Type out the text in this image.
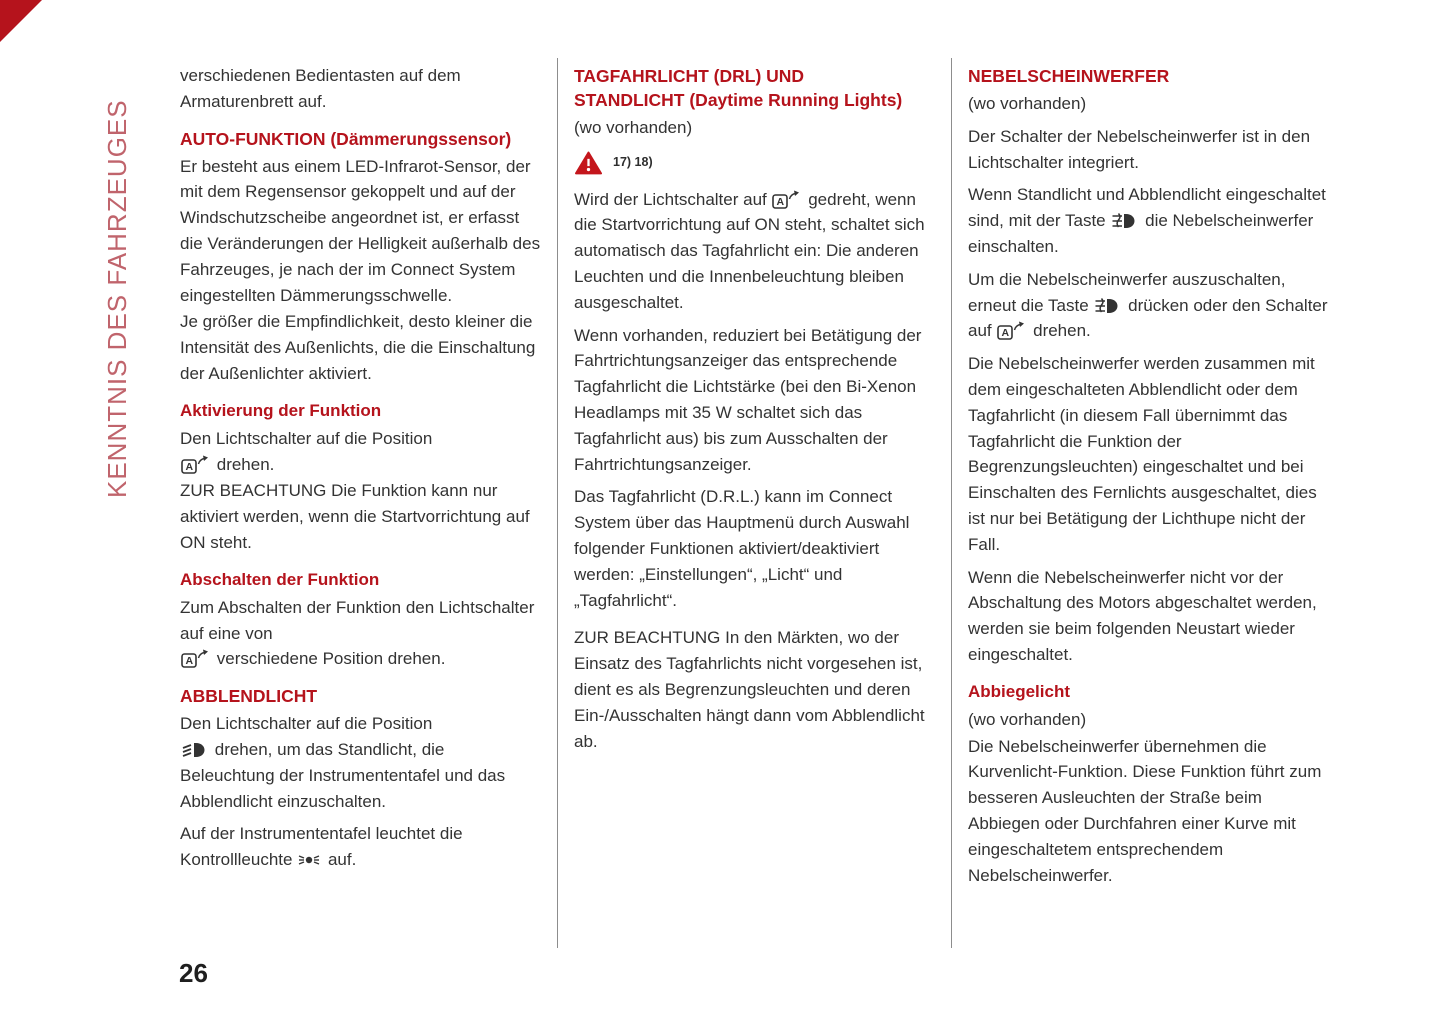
KENNTNIS DES FAHRZEUGES

verschiedenen Bedientasten auf dem Armaturenbrett auf.

AUTO-FUNKTION (Dämmerungssensor)

Er besteht aus einem LED-Infrarot-Sensor, der mit dem Regensensor gekoppelt und auf der Windschutzscheibe angeordnet ist, er erfasst die Veränderungen der Helligkeit außerhalb des Fahrzeuges, je nach der im Connect System eingestellten Dämmerungsschwelle.

Je größer die Empfindlichkeit, desto kleiner die Intensität des Außenlichts, die die Einschaltung der Außenlichter aktiviert.

Aktivierung der Funktion

Den Lichtschalter auf die Position

A drehen.

ZUR BEACHTUNG Die Funktion kann nur aktiviert werden, wenn die Startvorrichtung auf ON steht.

Abschalten der Funktion

Zum Abschalten der Funktion den Lichtschalter auf eine von

A verschiedene Position drehen.

ABBLENDLICHT

Den Lichtschalter auf die Position

drehen, um das Standlicht, die Beleuchtung der Instrumententafel und das Abblendlicht einzuschalten.

Auf der Instrumententafel leuchtet die Kontrollleuchte auf.

TAGFAHRLICHT (DRL) UND
STANDLICHT (Daytime Running Lights)

(wo vorhanden)

17) 18)

Wird der Lichtschalter auf A gedreht, wenn die Startvorrichtung auf ON steht, schaltet sich automatisch das Tagfahrlicht ein: Die anderen Leuchten und die Innenbeleuchtung bleiben ausgeschaltet.

Wenn vorhanden, reduziert bei Betätigung der Fahrtrichtungsanzeiger das entsprechende Tagfahrlicht die Lichtstärke (bei den Bi-Xenon Headlamps mit 35 W schaltet sich das Tagfahrlicht aus) bis zum Ausschalten der Fahrtrichtungsanzeiger.

Das Tagfahrlicht (D.R.L.) kann im Connect System über das Hauptmenü durch Auswahl folgender Funktionen aktiviert/deaktiviert werden: „Einstellungen“, „Licht“ und „Tagfahrlicht“.

ZUR BEACHTUNG In den Märkten, wo der Einsatz des Tagfahrlichts nicht vorgesehen ist, dient es als Begrenzungsleuchten und deren Ein-/Ausschalten hängt dann vom Abblendlicht ab.

NEBELSCHEINWERFER

(wo vorhanden)

Der Schalter der Nebelscheinwerfer ist in den Lichtschalter integriert.

Wenn Standlicht und Abblendlicht eingeschaltet sind, mit der Taste die Nebelscheinwerfer einschalten.

Um die Nebelscheinwerfer auszuschalten, erneut die Taste drücken oder den Schalter auf A drehen.

Die Nebelscheinwerfer werden zusammen mit dem eingeschalteten Abblendlicht oder dem Tagfahrlicht (in diesem Fall übernimmt das Tagfahrlicht die Funktion der Begrenzungsleuchten) eingeschaltet und bei Einschalten des Fernlichts ausgeschaltet, dies ist nur bei Betätigung der Lichthupe nicht der Fall.

Wenn die Nebelscheinwerfer nicht vor der Abschaltung des Motors abgeschaltet werden, werden sie beim folgenden Neustart wieder eingeschaltet.

Abbiegelicht

(wo vorhanden)

Die Nebelscheinwerfer übernehmen die Kurvenlicht-Funktion. Diese Funktion führt zum besseren Ausleuchten der Straße beim Abbiegen oder Durchfahren einer Kurve mit eingeschaltetem entsprechendem Nebelscheinwerfer.

26
